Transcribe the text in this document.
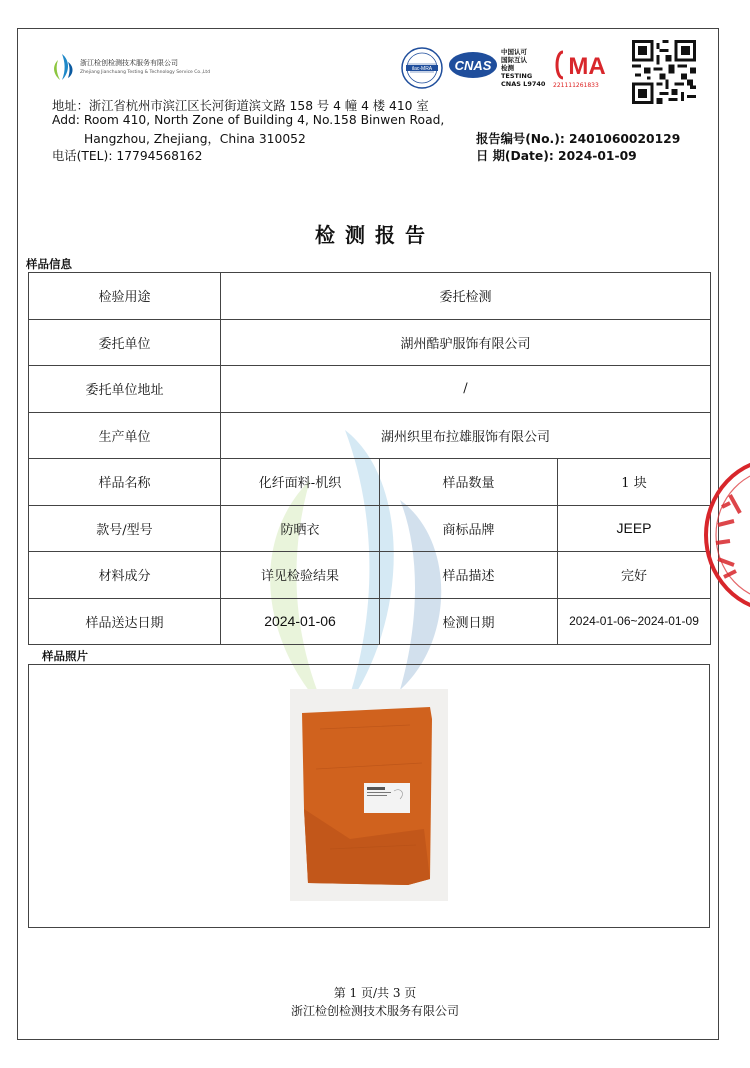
浙江检创检测技术服务有限公司
Zhejiang Jianchuang Testing & Technology Service Co.,Ltd
ilac-MRA CNAS
中国认可
国际互认
检测
TESTING
CNAS L9740
MA
221111261833
地址：浙江省杭州市滨江区长河街道滨文路 158 号 4 幢 4 楼 410 室
Add: Room 410, North Zone of Building 4, No.158 Binwen Road,
Hangzhou, Zhejiang，China 310052
电话(TEL): 17794568162
报告编号(No.): 2401060020129
日 期(Date): 2024-01-09
检测报告
样品信息
检验用途	委托检测		
委托单位	湖州酷驴服饰有限公司		
委托单位地址	/		
生产单位	湖州织里布拉雄服饰有限公司		
样品名称	化纤面料-机织	样品数量	1 块
款号/型号	防晒衣	商标品牌	JEEP
材料成分	详见检验结果	样品描述	完好
样品送达日期	2024-01-06	检测日期	2024-01-06~2024-01-09
样品照片
第 1 页/共 3 页
浙江检创检测技术服务有限公司
